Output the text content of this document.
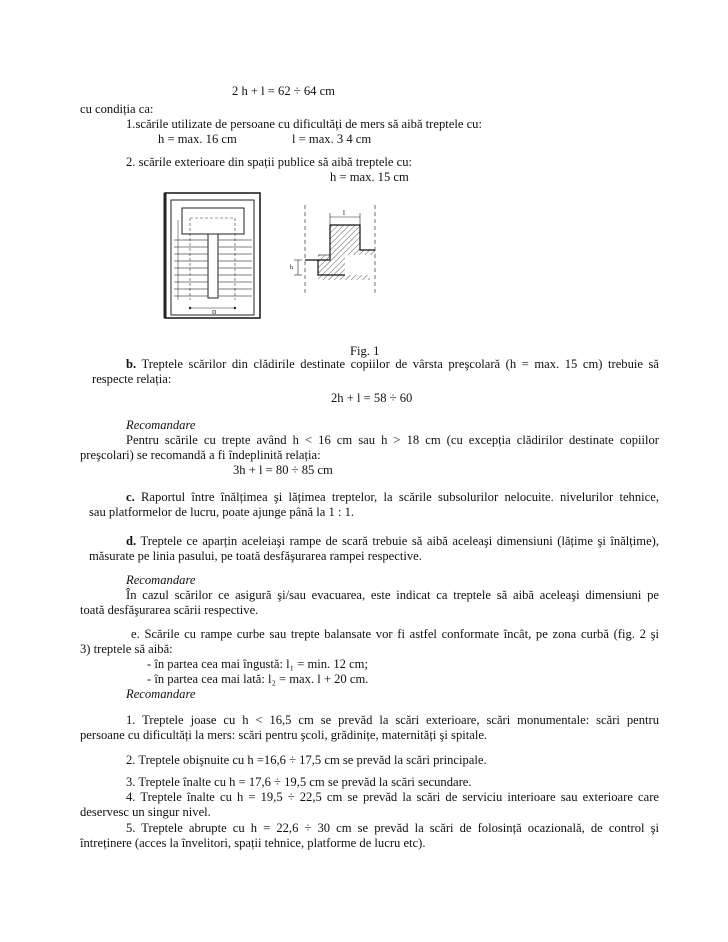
2 h + l = 62 ÷ 64 cm
cu condiția ca:
1.scările utilizate de persoane cu dificultăți de mers să aibă treptele cu:
h = max. 16 cm	l = max. 3 4 cm
2. scările exterioare din spații publice să aibă treptele cu:
h = max. 15 cm
D
l
h
Fig. 1
b. Treptele scărilor din clădirile destinate copiilor de vârsta preşcolară (h = max. 15 cm) trebuie să
respecte relația:
2h + l = 58 ÷ 60
Recomandare
Pentru scările cu trepte având h < 16 cm sau h > 18 cm (cu excepția clădirilor destinate copiilor
preşcolari) se recomandă a fi îndeplinită relația:
3h + l = 80 ÷ 85 cm
c. Raportul între înălțimea şi lățimea treptelor, la scările subsolurilor nelocuite. nivelurilor tehnice,
sau platformelor de lucru, poate ajunge până la 1 : 1.
d. Treptele ce aparțin aceleiaşi rampe de scară trebuie să aibă aceleaşi dimensiuni (lățime şi înălțime),
măsurate pe linia pasului, pe toată desfăşurarea rampei respective.
Recomandare
În cazul scărilor ce asigură şi/sau evacuarea, este indicat ca treptele să aibă aceleaşi dimensiuni pe
toată desfăşurarea scării respective.
e. Scările cu rampe curbe sau trepte balansate vor fi astfel conformate încât, pe zona curbă (fig. 2 şi
3) treptele să aibă:
- în partea cea mai îngustă: l₁ = min. 12 cm;
- în partea cea mai lată: l₂ = max. l + 20 cm.
Recomandare
1. Treptele joase cu h < 16,5 cm se prevăd la scări exterioare, scări monumentale: scări pentru
persoane cu dificultăți la mers: scări pentru şcoli, grădinițe, maternități şi spitale.
2. Treptele obişnuite cu h =16,6 ÷ 17,5 cm se prevăd la scări principale.
3. Treptele înalte cu h = 17,6 ÷ 19,5 cm se prevăd la scări secundare.
4. Treptele înalte cu h = 19,5 ÷ 22,5 cm se prevăd la scări de serviciu interioare sau exterioare care
deservesc un singur nivel.
5. Treptele abrupte cu h = 22,6 ÷ 30 cm se prevăd la scări de folosință ocazională, de control şi
întreținere (acces la învelitori, spații tehnice, platforme de lucru etc).
